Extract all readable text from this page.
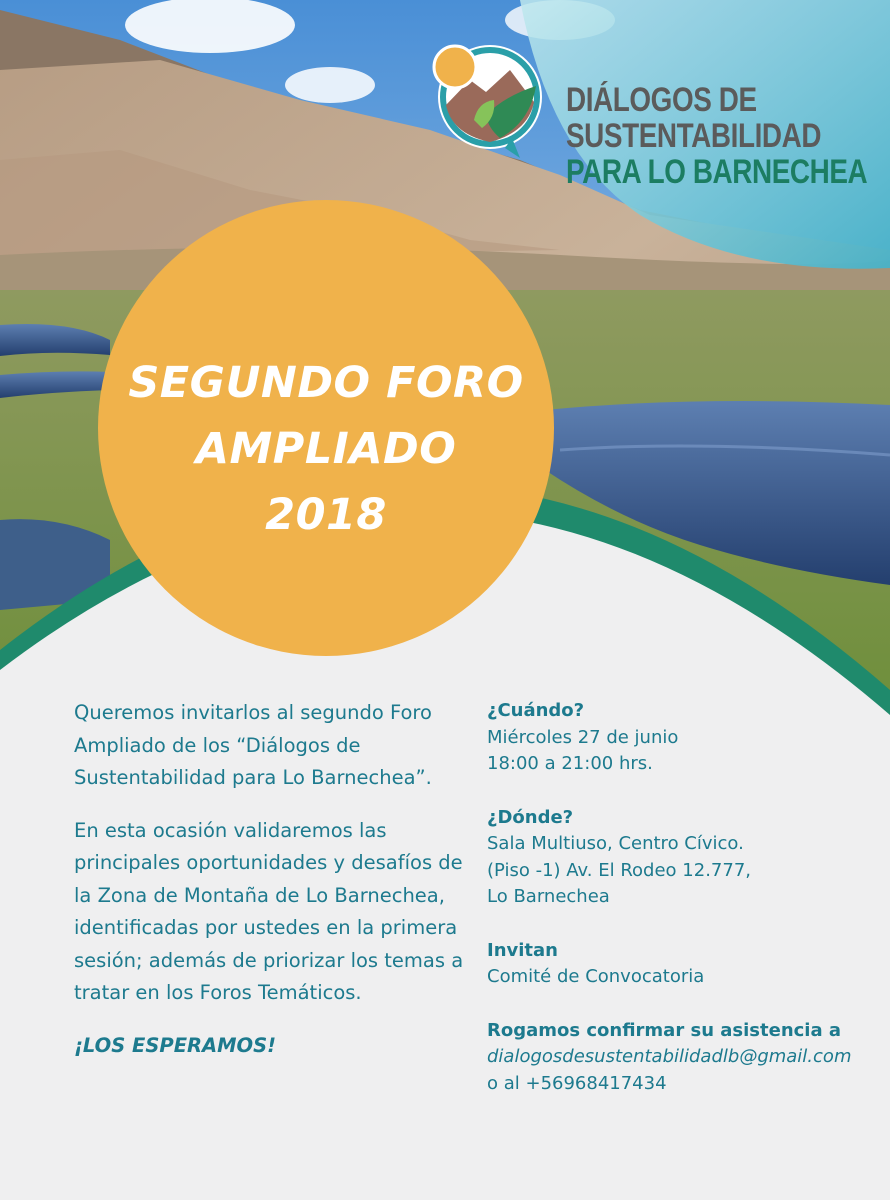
DIÁLOGOS DE
SUSTENTABILIDAD
PARA LO BARNECHEA
SEGUNDO FORO
AMPLIADO
2018

Queremos invitarlos al segundo Foro Ampliado de los “Diálogos de Sustentabilidad para Lo Barnechea”.

En esta ocasión validaremos las principales oportunidades y desafíos de la Zona de Montaña de Lo Barnechea, identificadas por ustedes en la primera sesión; además de priorizar los temas a tratar en los Foros Temáticos.

¡LOS ESPERAMOS!
¿Cuándo?
Miércoles 27 de junio
18:00 a 21:00 hrs.
¿Dónde?
Sala Multiuso, Centro Cívico.
(Piso -1) Av. El Rodeo 12.777,
Lo Barnechea
Invitan
Comité de Convocatoria
Rogamos confirmar su asistencia a
dialogosdesustentabilidadlb@gmail.com
o al +56968417434
